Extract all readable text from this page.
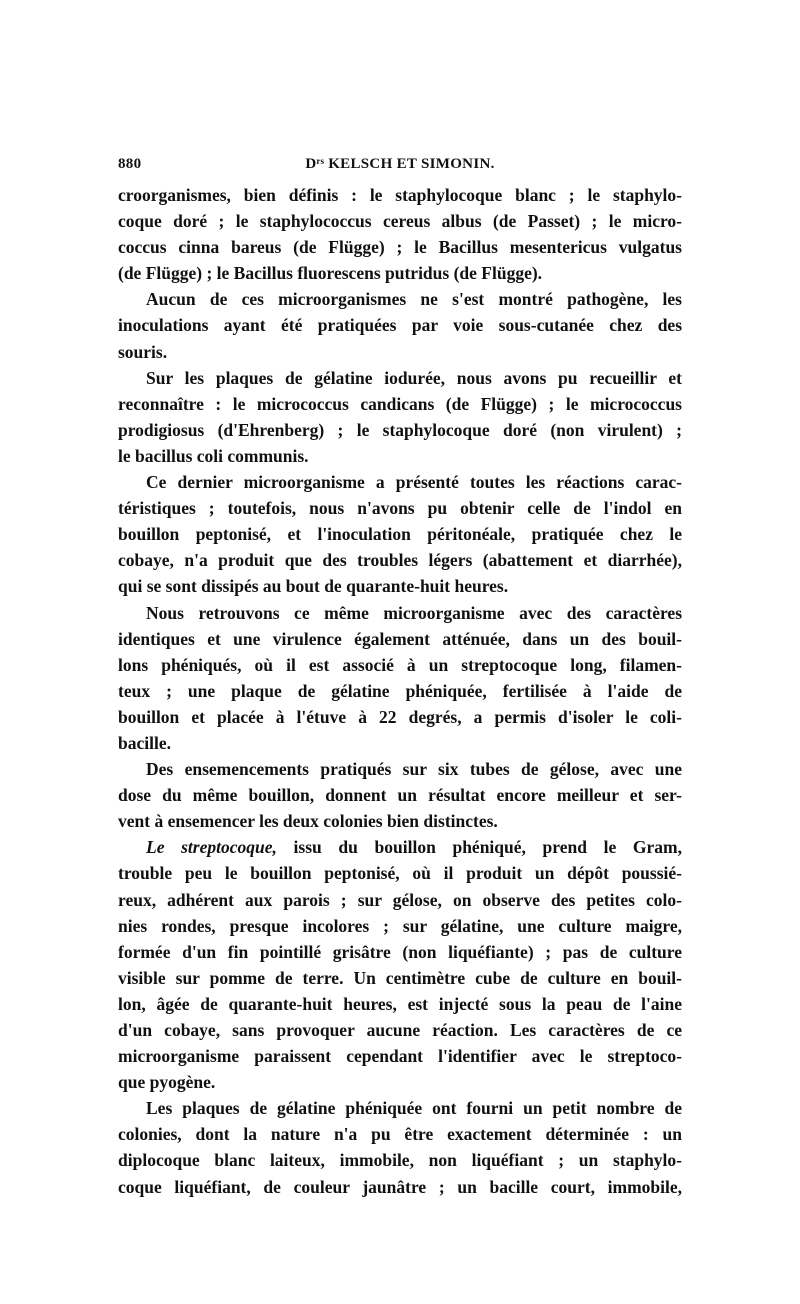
880	Dʳˢ KELSCH ET SIMONIN.
croorganismes, bien définis : le staphylocoque blanc ; le staphylo-
coque doré ; le staphylococcus cereus albus (de Passet) ; le micro-
coccus cinna bareus (de Flügge) ; le Bacillus mesentericus vulgatus
(de Flügge) ; le Bacillus fluorescens putridus (de Flügge).
Aucun de ces microorganismes ne s'est montré pathogène, les
inoculations ayant été pratiquées par voie sous-cutanée chez des
souris.
Sur les plaques de gélatine iodurée, nous avons pu recueillir et
reconnaître : le micrococcus candicans (de Flügge) ; le micrococcus
prodigiosus (d'Ehrenberg) ; le staphylocoque doré (non virulent) ;
le bacillus coli communis.
Ce dernier microorganisme a présenté toutes les réactions carac-
téristiques ; toutefois, nous n'avons pu obtenir celle de l'indol en
bouillon peptonisé, et l'inoculation péritonéale, pratiquée chez le
cobaye, n'a produit que des troubles légers (abattement et diarrhée),
qui se sont dissipés au bout de quarante-huit heures.
Nous retrouvons ce même microorganisme avec des caractères
identiques et une virulence également atténuée, dans un des bouil-
lons phéniqués, où il est associé à un streptocoque long, filamen-
teux ; une plaque de gélatine phéniquée, fertilisée à l'aide de
bouillon et placée à l'étuve à 22 degrés, a permis d'isoler le coli-
bacille.
Des ensemencements pratiqués sur six tubes de gélose, avec une
dose du même bouillon, donnent un résultat encore meilleur et ser-
vent à ensemencer les deux colonies bien distinctes.
Le streptocoque, issu du bouillon phéniqué, prend le Gram,
trouble peu le bouillon peptonisé, où il produit un dépôt poussié-
reux, adhérent aux parois ; sur gélose, on observe des petites colo-
nies rondes, presque incolores ; sur gélatine, une culture maigre,
formée d'un fin pointillé grisâtre (non liquéfiante) ; pas de culture
visible sur pomme de terre. Un centimètre cube de culture en bouil-
lon, âgée de quarante-huit heures, est injecté sous la peau de l'aine
d'un cobaye, sans provoquer aucune réaction. Les caractères de ce
microorganisme paraissent cependant l'identifier avec le streptoco-
que pyogène.
Les plaques de gélatine phéniquée ont fourni un petit nombre de
colonies, dont la nature n'a pu être exactement déterminée : un
diplocoque blanc laiteux, immobile, non liquéfiant ; un staphylo-
coque liquéfiant, de couleur jaunâtre ; un bacille court, immobile,
